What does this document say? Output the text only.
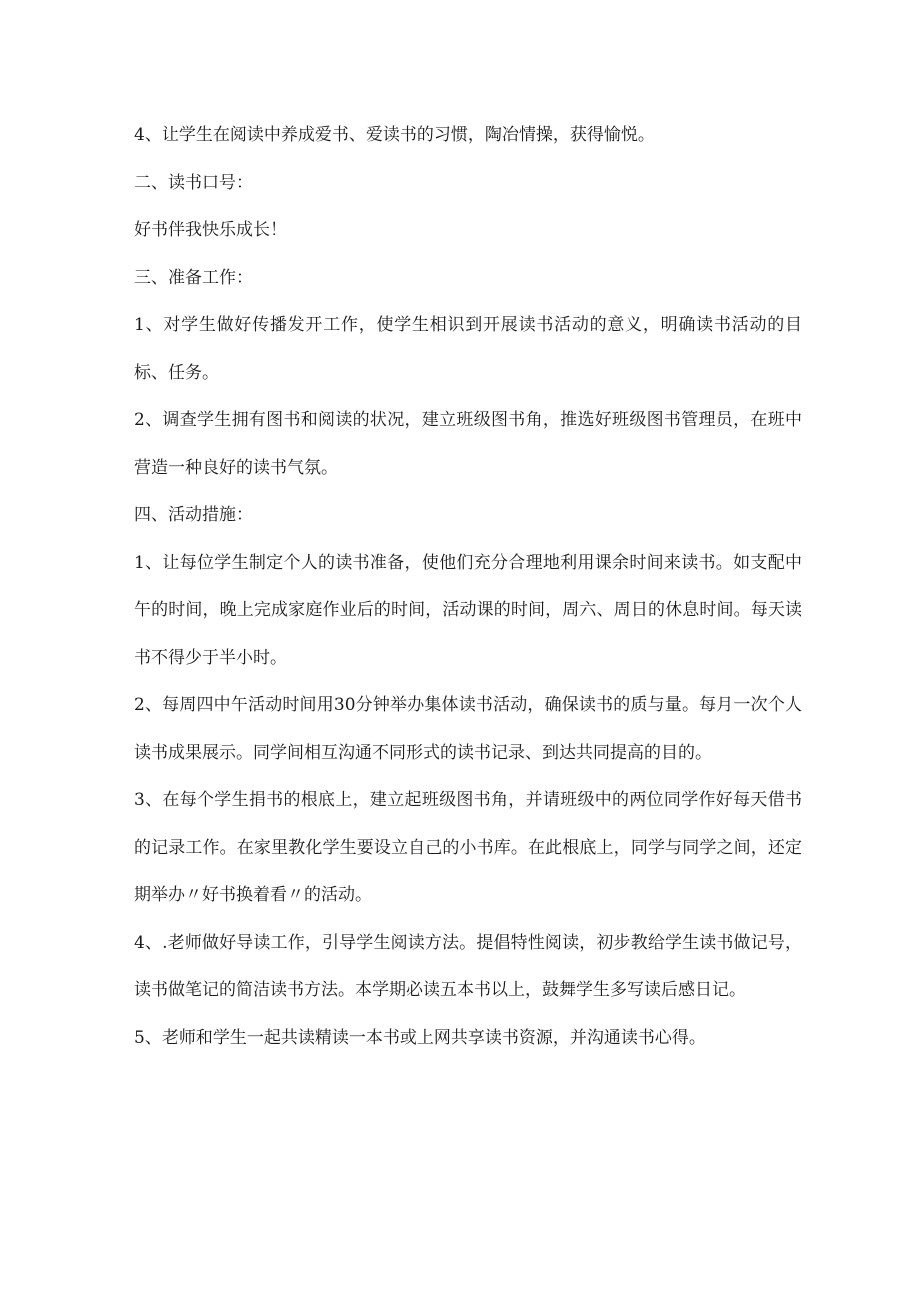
4、让学生在阅读中养成爱书、爱读书的习惯，陶冶情操，获得愉悦。

二、读书口号：

好书伴我快乐成长！

三、准备工作：

1、对学生做好传播发开工作，使学生相识到开展读书活动的意义，明确读书活动的目标、任务。

2、调查学生拥有图书和阅读的状况，建立班级图书角，推选好班级图书管理员，在班中营造一种良好的读书气氛。

四、活动措施：

1、让每位学生制定个人的读书准备，使他们充分合理地利用课余时间来读书。如支配中午的时间，晚上完成家庭作业后的时间，活动课的时间，周六、周日的休息时间。每天读书不得少于半小时。

2、每周四中午活动时间用30分钟举办集体读书活动，确保读书的质与量。每月一次个人读书成果展示。同学间相互沟通不同形式的读书记录、到达共同提高的目的。

3、在每个学生捐书的根底上，建立起班级图书角，并请班级中的两位同学作好每天借书的记录工作。在家里教化学生要设立自己的小书库。在此根底上，同学与同学之间，还定期举办〃好书换着看〃的活动。

4、.老师做好导读工作，引导学生阅读方法。提倡特性阅读，初步教给学生读书做记号，读书做笔记的简洁读书方法。本学期必读五本书以上，鼓舞学生多写读后感日记。

5、老师和学生一起共读精读一本书或上网共享读书资源，并沟通读书心得。
